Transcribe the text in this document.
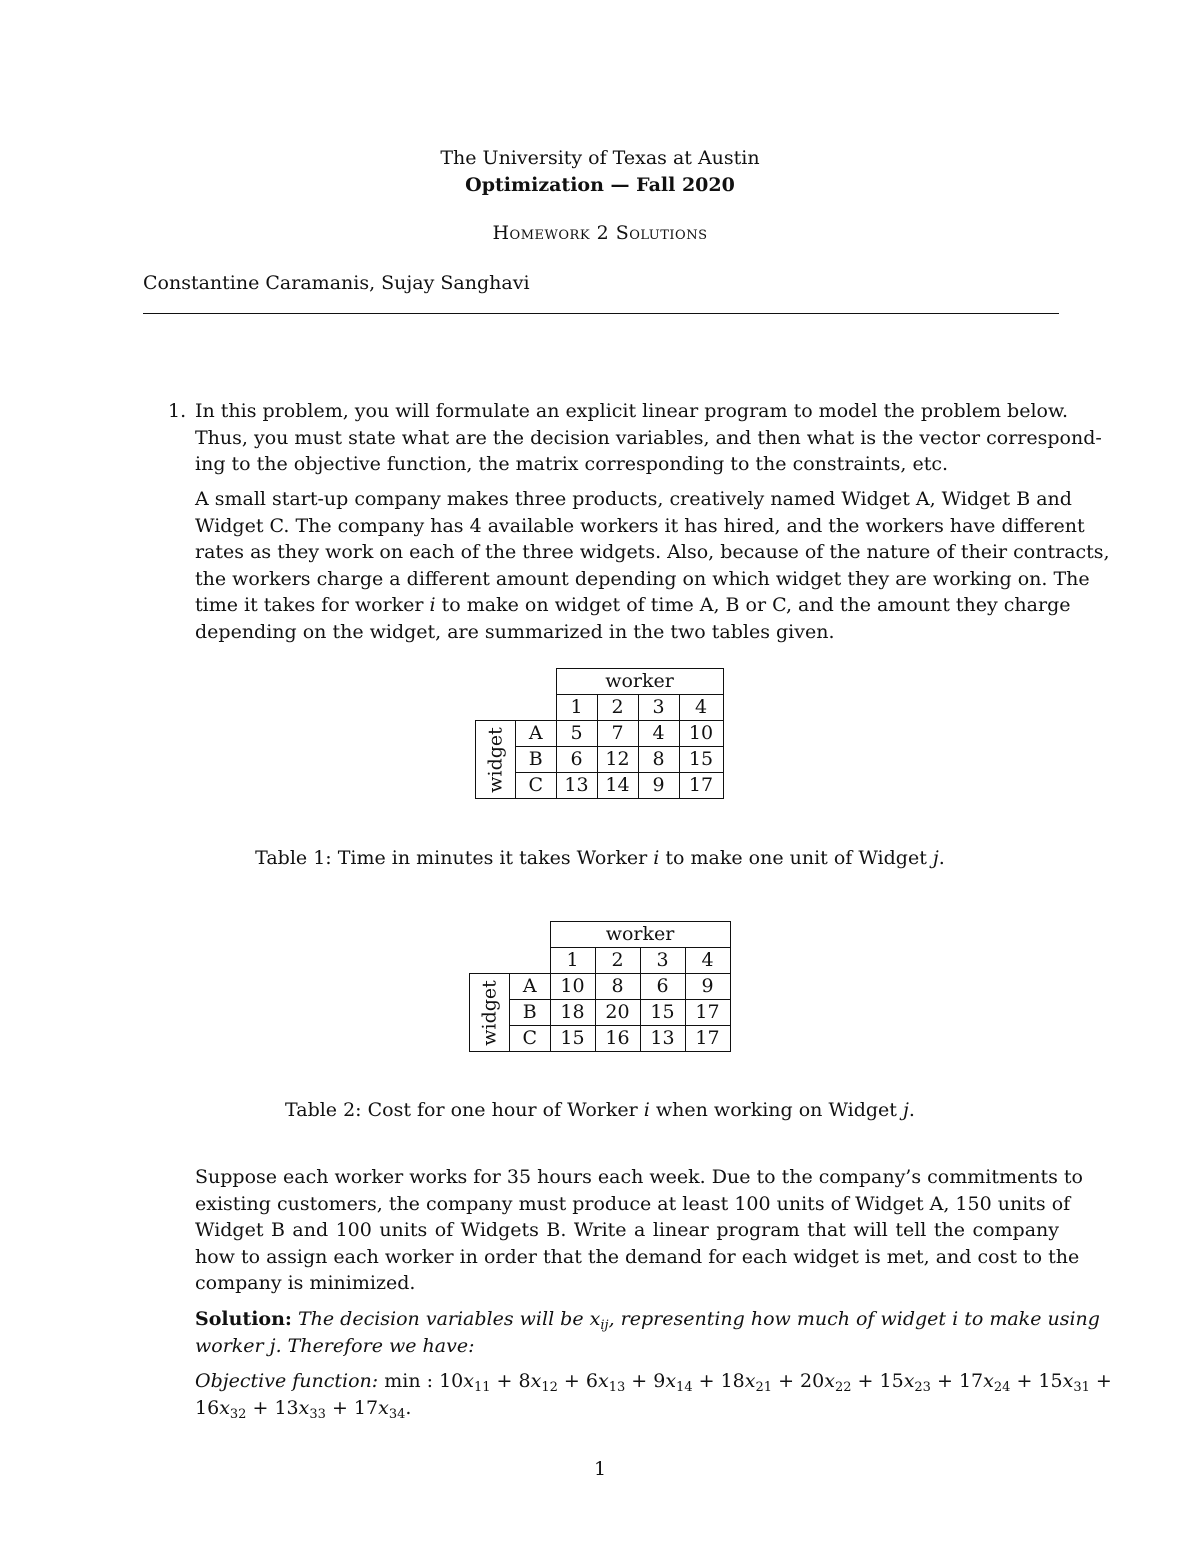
The University of Texas at Austin
Optimization — Fall 2020
Homework 2 Solutions
Constantine Caramanis, Sujay Sanghavi
1. In this problem, you will formulate an explicit linear program to model the problem below.
Thus, you must state what are the decision variables, and then what is the vector correspond-
ing to the objective function, the matrix corresponding to the constraints, etc.
A small start-up company makes three products, creatively named Widget A, Widget B and
Widget C. The company has 4 available workers it has hired, and the workers have different
rates as they work on each of the three widgets. Also, because of the nature of their contracts,
the workers charge a different amount depending on which widget they are working on. The
time it takes for worker i to make on widget of time A, B or C, and the amount they charge
depending on the widget, are summarized in the two tables given.
		worker			
		1	2	3	4

widget	A	5	7	4	10
	B	6	12	8	15
	C	13	14	9	17
Table 1: Time in minutes it takes Worker i to make one unit of Widget j.
		worker			
		1	2	3	4

widget	A	10	8	6	9
	B	18	20	15	17
	C	15	16	13	17
Table 2: Cost for one hour of Worker i when working on Widget j.
Suppose each worker works for 35 hours each week. Due to the company’s commitments to
existing customers, the company must produce at least 100 units of Widget A, 150 units of
Widget B and 100 units of Widgets B. Write a linear program that will tell the company
how to assign each worker in order that the demand for each widget is met, and cost to the
company is minimized.
Solution: The decision variables will be $x_{ij}$, representing how much of widget i to make using
worker j. Therefore we have:
Objective function: min : $10x_{11} + 8x_{12} + 6x_{13} + 9x_{14} + 18x_{21} + 20x_{22} + 15x_{23} + 17x_{24} + 15x_{31}$ +
$16x_{32} + 13x_{33} + 17x_{34}$.
1
